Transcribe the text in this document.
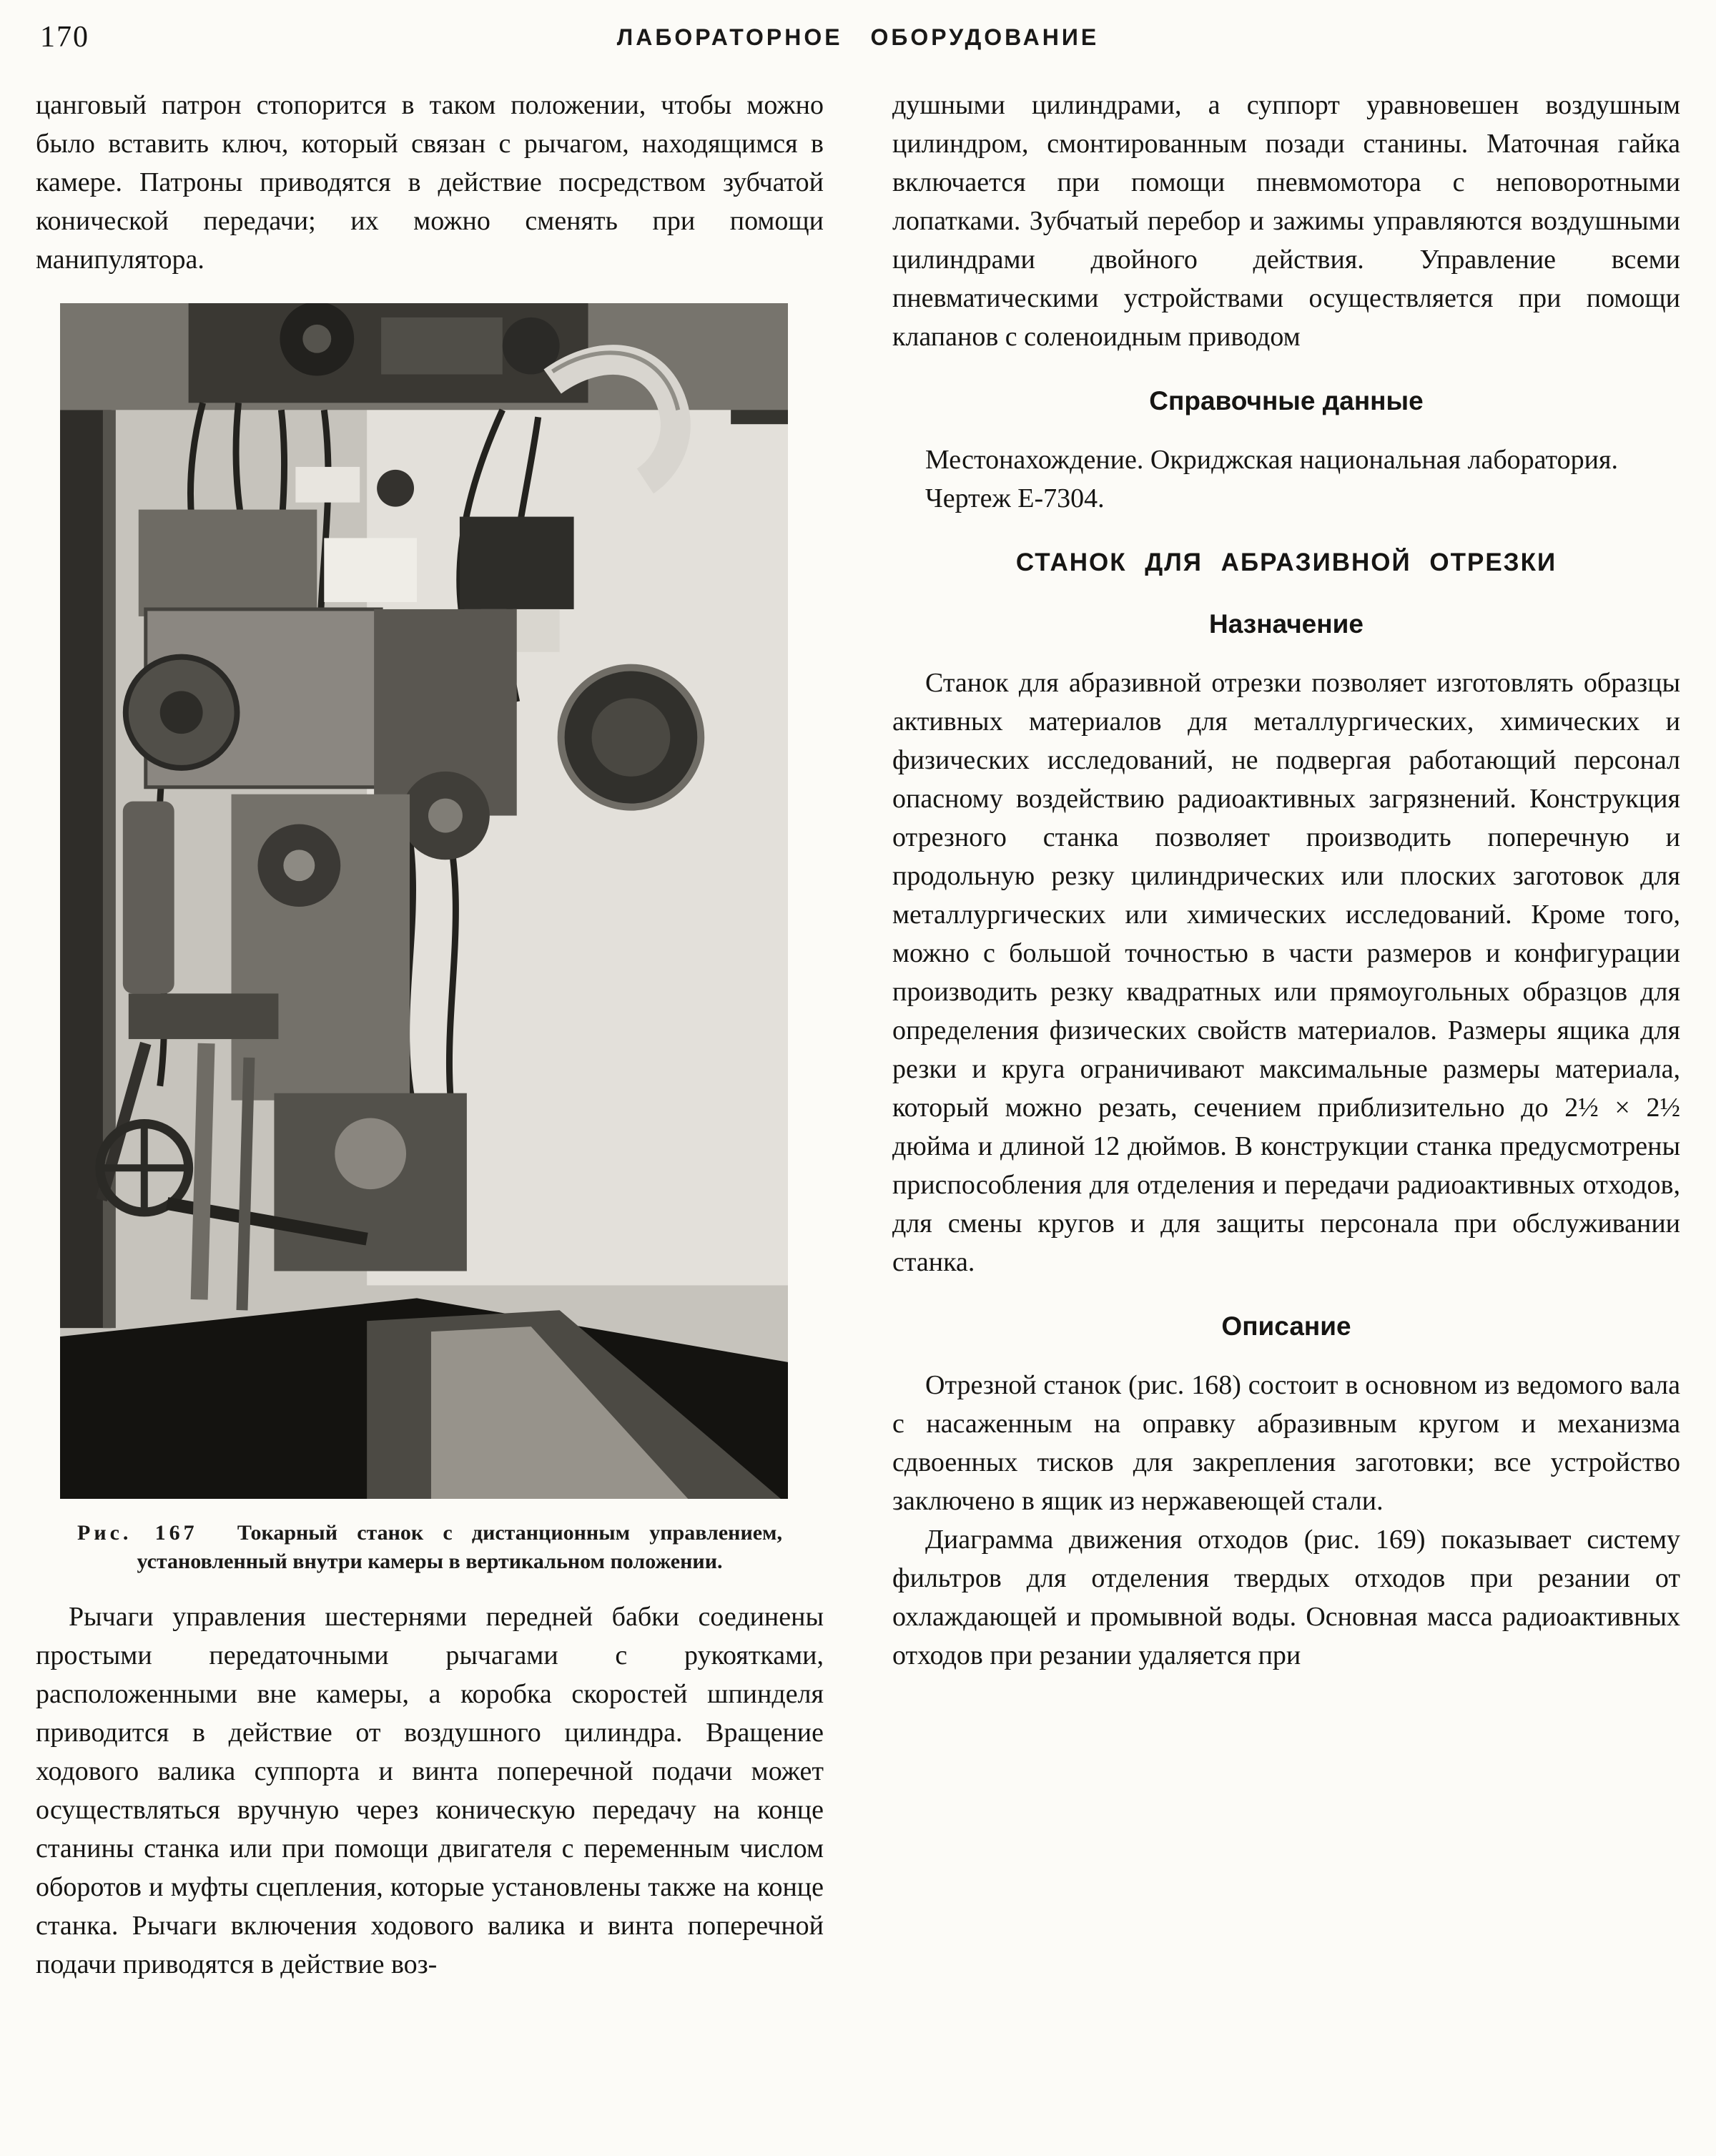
170	ЛАБОРАТОРНОЕ ОБОРУДОВАНИЕ

цанговый патрон стопорится в таком положении, чтобы можно было вставить ключ, который связан с рычагом, находящимся в камере. Патроны приводятся в действие посредством зубчатой конической передачи; их можно сменять при помощи манипулятора.

Рис. 167 Токарный станок с дистанционным управлением, установленный внутри камеры в вертикальном положении.

Рычаги управления шестернями передней бабки соединены простыми передаточными рычагами с рукоятками, расположенными вне камеры, а коробка скоростей шпинделя приводится в действие от воздушного цилиндра. Вращение ходового валика суппорта и винта поперечной подачи может осуществляться вручную через коническую передачу на конце станины станка или при помощи двигателя с переменным числом оборотов и муфты сцепления, которые установлены также на конце станка. Рычаги включения ходового валика и винта поперечной подачи приводятся в действие воз-

душными цилиндрами, а суппорт уравновешен воздушным цилиндром, смонтированным позади станины. Маточная гайка включается при помощи пневмомотора с неповоротными лопатками. Зубчатый перебор и зажимы управляются воздушными цилиндрами двойного действия. Управление всеми пневматическими устройствами осуществляется при помощи клапанов с соленоидным приводом

Справочные данные

Местонахождение. Окриджская национальная лаборатория.

Чертеж Е-7304.

СТАНОК ДЛЯ АБРАЗИВНОЙ ОТРЕЗКИ
Назначение

Станок для абразивной отрезки позволяет изготовлять образцы активных материалов для металлургических, химических и физических исследований, не подвергая работающий персонал опасному воздействию радиоактивных загрязнений. Конструкция отрезного станка позволяет производить поперечную и продольную резку цилиндрических или плоских заготовок для металлургических или химических исследований. Кроме того, можно с большой точностью в части размеров и конфигурации производить резку квадратных или прямоугольных образцов для определения физических свойств материалов. Размеры ящика для резки и круга ограничивают максимальные размеры материала, который можно резать, сечением приблизительно до 2½ × 2½ дюйма и длиной 12 дюймов. В конструкции станка предусмотрены приспособления для отделения и передачи радиоактивных отходов, для смены кругов и для защиты персонала при обслуживании станка.

Описание

Отрезной станок (рис. 168) состоит в основном из ведомого вала с насаженным на оправку абразивным кругом и механизма сдвоенных тисков для закрепления заготовки; все устройство заключено в ящик из нержавеющей стали.

Диаграмма движения отходов (рис. 169) показывает систему фильтров для отделения твердых отходов при резании от охлаждающей и промывной воды. Основная масса радиоактивных отходов при резании удаляется при
